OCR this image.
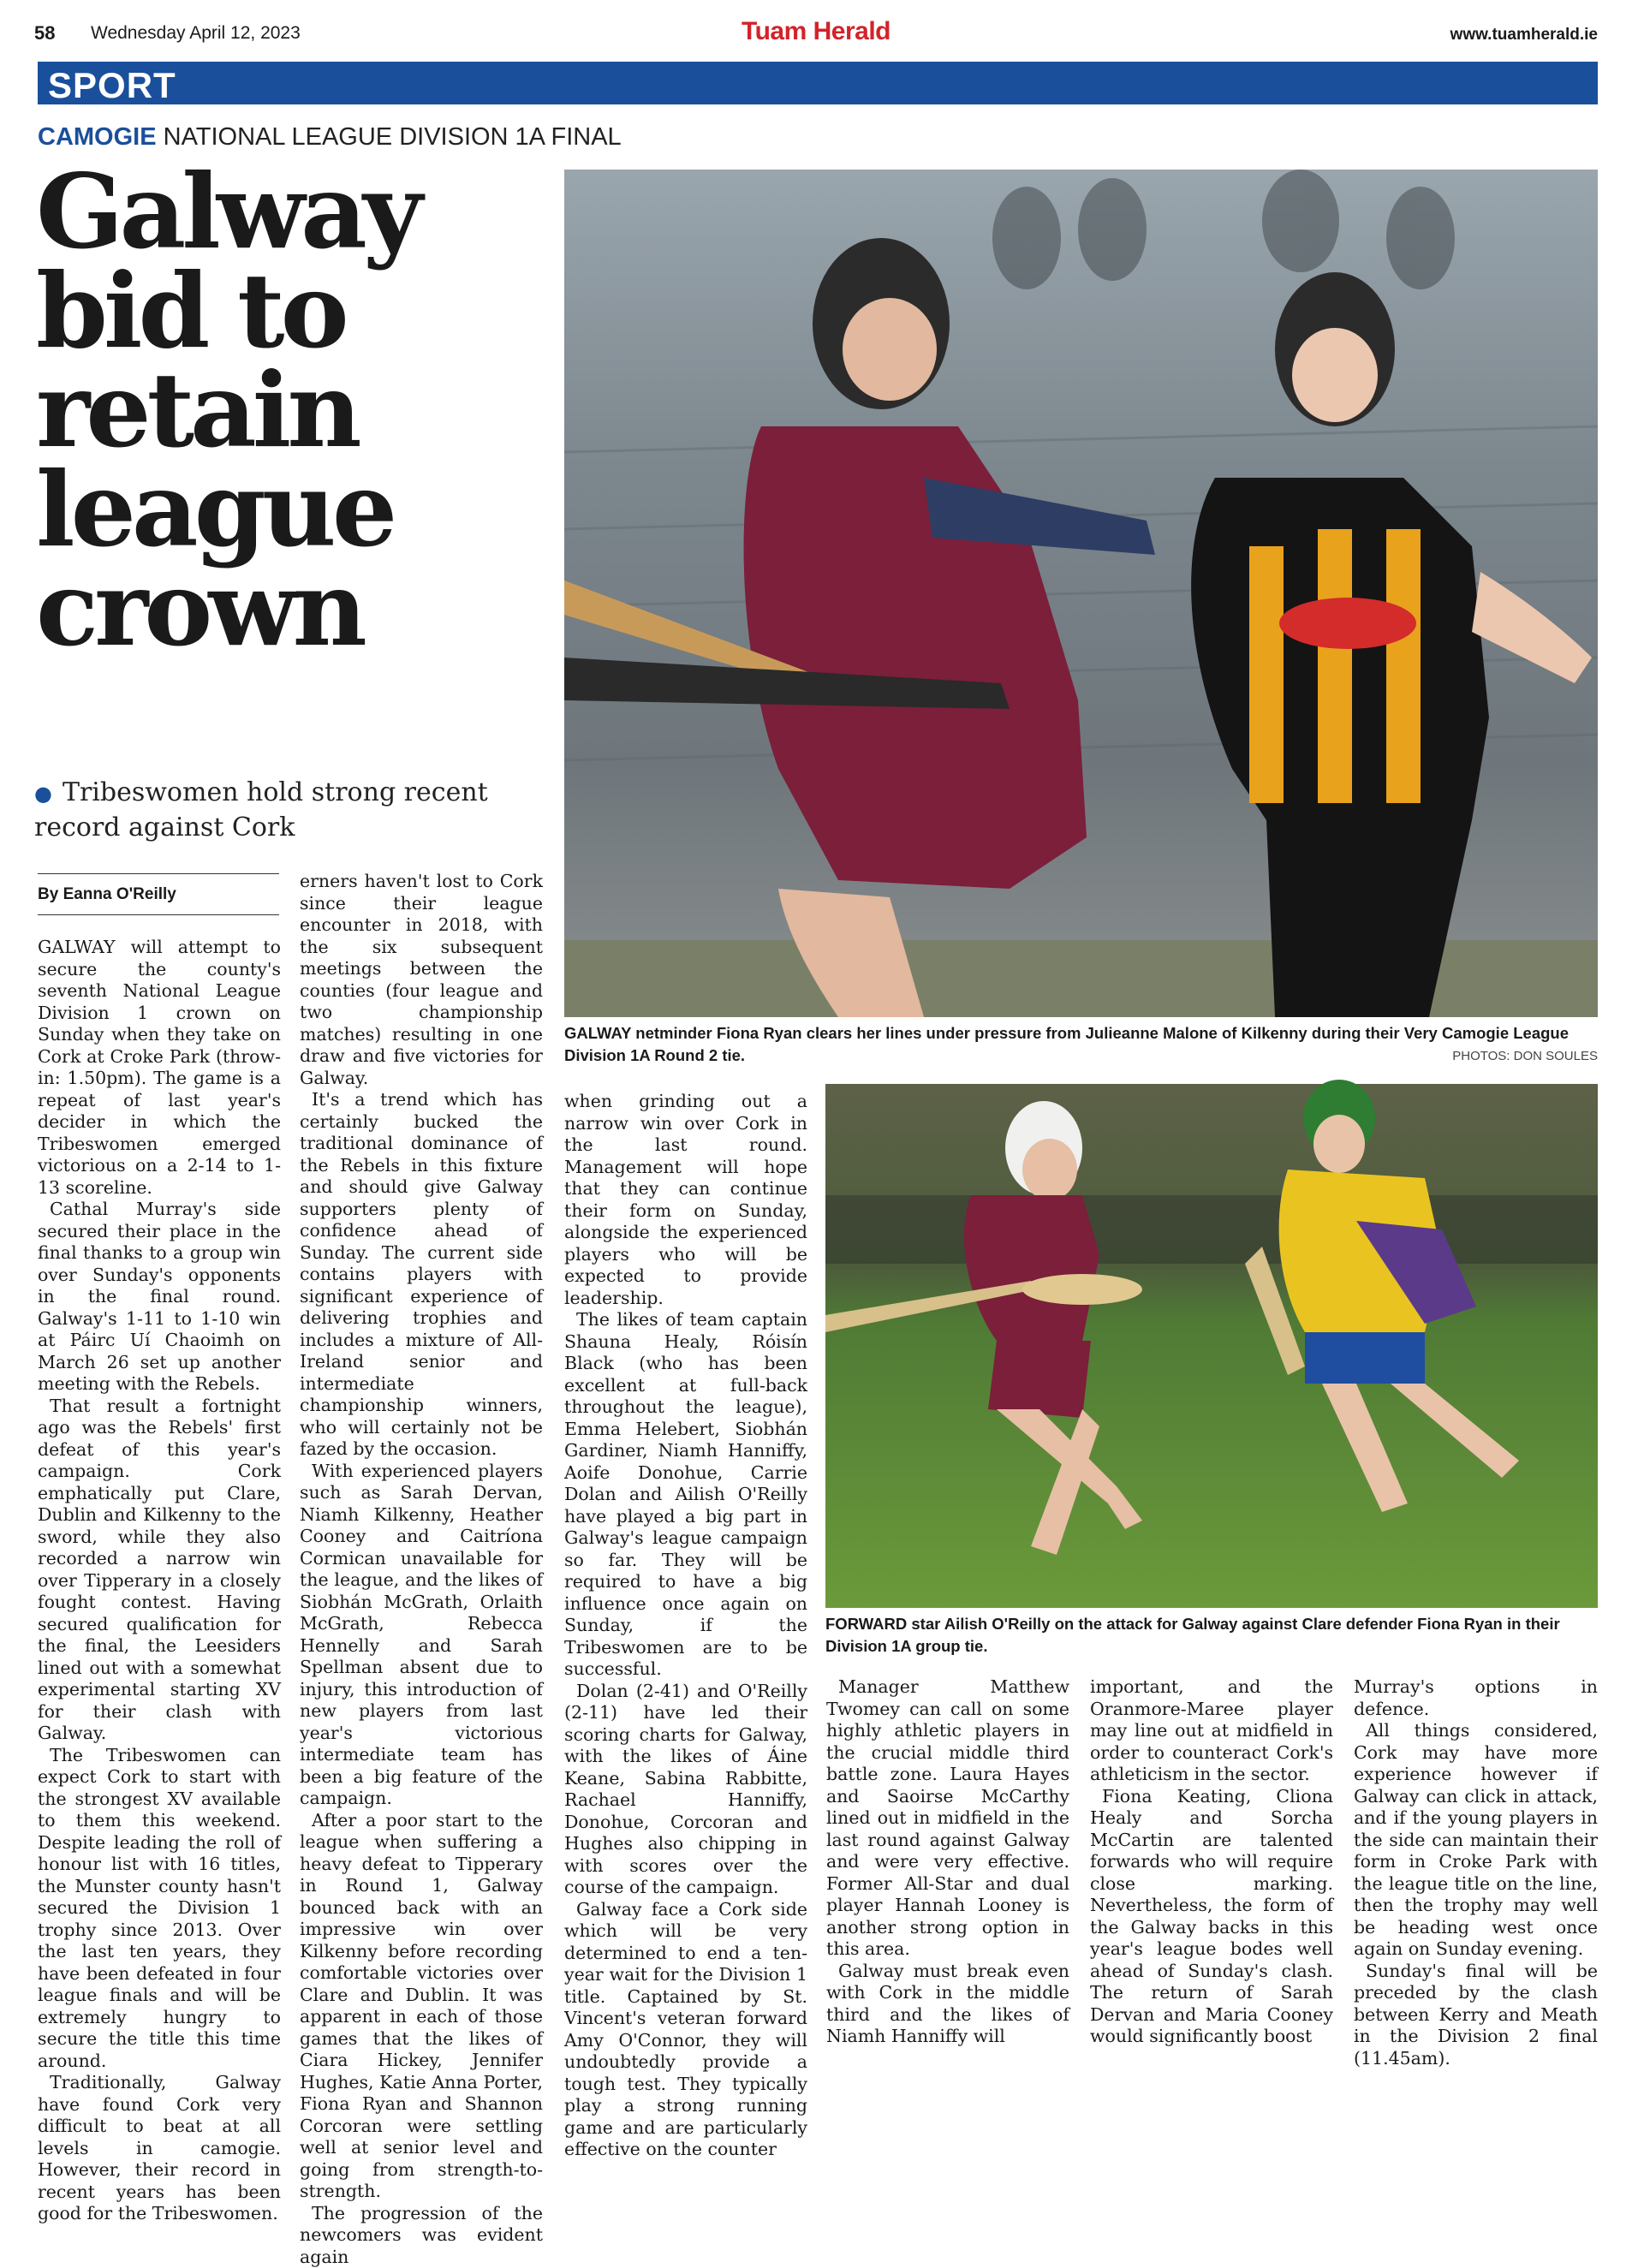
58 Wednesday April 12, 2023	Tuam Herald	www.tuamherald.ie
SPORT
CAMOGIE NATIONAL LEAGUE DIVISION 1A FINAL
Galway bid to retain league crown
● Tribeswomen hold strong recent record against Cork
By Eanna O'Reilly
GALWAY netminder Fiona Ryan clears her lines under pressure from Julieanne Malone of Kilkenny during their Very Camogie League Division 1A Round 2 tie.	PHOTOS: DON SOULES
FORWARD star Ailish O'Reilly on the attack for Galway against Clare defender Fiona Ryan in their Division 1A group tie.

GALWAY will attempt to secure the county's seventh National League Division 1 crown on Sunday when they take on Cork at Croke Park (throw-in: 1.50pm). The game is a repeat of last year's decider in which the Tribeswomen emerged victorious on a 2-14 to 1-13 scoreline.

Cathal Murray's side secured their place in the final thanks to a group win over Sunday's opponents in the final round. Galway's 1-11 to 1-10 win at Páirc Uí Chaoimh on March 26 set up another meeting with the Rebels.

That result a fortnight ago was the Rebels' first defeat of this year's campaign. Cork emphatically put Clare, Dublin and Kilkenny to the sword, while they also recorded a narrow win over Tipperary in a closely fought contest. Having secured qualification for the final, the Leesiders lined out with a somewhat experimental starting XV for their clash with Galway.

The Tribeswomen can expect Cork to start with the strongest XV available to them this weekend. Despite leading the roll of honour list with 16 titles, the Munster county hasn't secured the Division 1 trophy since 2013. Over the last ten years, they have been defeated in four league finals and will be extremely hungry to secure the title this time around.

Traditionally, Galway have found Cork very difficult to beat at all levels in camogie. However, their record in recent years has been good for the Tribeswomen.

erners haven't lost to Cork since their league encounter in 2018, with the six subsequent meetings between the counties (four league and two championship matches) resulting in one draw and five victories for Galway.

It's a trend which has certainly bucked the traditional dominance of the Rebels in this fixture and should give Galway supporters plenty of confidence ahead of Sunday. The current side contains players with significant experience of delivering trophies and includes a mixture of All-Ireland senior and intermediate championship winners, who will certainly not be fazed by the occasion.

With experienced players such as Sarah Dervan, Niamh Kilkenny, Heather Cooney and Caitríona Cormican unavailable for the league, and the likes of Siobhán McGrath, Orlaith McGrath, Rebecca Hennelly and Sarah Spellman absent due to injury, this introduction of new players from last year's victorious intermediate team has been a big feature of the campaign.

After a poor start to the league when suffering a heavy defeat to Tipperary in Round 1, Galway bounced back with an impressive win over Kilkenny before recording comfortable victories over Clare and Dublin. It was apparent in each of those games that the likes of Ciara Hickey, Jennifer Hughes, Katie Anna Porter, Fiona Ryan and Shannon Corcoran were settling well at senior level and going from strength-to-strength.

The progression of the newcomers was evident again

when grinding out a narrow win over Cork in the last round. Management will hope that they can continue their form on Sunday, alongside the experienced players who will be expected to provide leadership.

The likes of team captain Shauna Healy, Róisín Black (who has been excellent at full-back throughout the league), Emma Helebert, Siobhán Gardiner, Niamh Hanniffy, Aoife Donohue, Carrie Dolan and Ailish O'Reilly have played a big part in Galway's league campaign so far. They will be required to have a big influence once again on Sunday, if the Tribeswomen are to be successful.

Dolan (2-41) and O'Reilly (2-11) have led their scoring charts for Galway, with the likes of Áine Keane, Sabina Rabbitte, Rachael Hanniffy, Donohue, Corcoran and Hughes also chipping in with scores over the course of the campaign.

Galway face a Cork side which will be very determined to end a ten-year wait for the Division 1 title. Captained by St. Vincent's veteran forward Amy O'Connor, they will undoubtedly provide a tough test. They typically play a strong running game and are particularly effective on the counter

Manager Matthew Twomey can call on some highly athletic players in the crucial middle third battle zone. Laura Hayes and Saoirse McCarthy lined out in midfield in the last round against Galway and were very effective. Former All-Star and dual player Hannah Looney is another strong option in this area.

Galway must break even with Cork in the middle third and the likes of Niamh Hanniffy will

important, and the Oranmore-Maree player may line out at midfield in order to counteract Cork's athleticism in the sector.

Fiona Keating, Cliona Healy and Sorcha McCartin are talented forwards who will require close marking. Nevertheless, the form of the Galway backs in this year's league bodes well ahead of Sunday's clash. The return of Sarah Dervan and Maria Cooney would significantly boost

Murray's options in defence.

All things considered, Cork may have more experience however if Galway can click in attack, and if the young players in the side can maintain their form in Croke Park with the league title on the line, then the trophy may well be heading west once again on Sunday evening.

Sunday's final will be preceded by the clash between Kerry and Meath in the Division 2 final (11.45am).
